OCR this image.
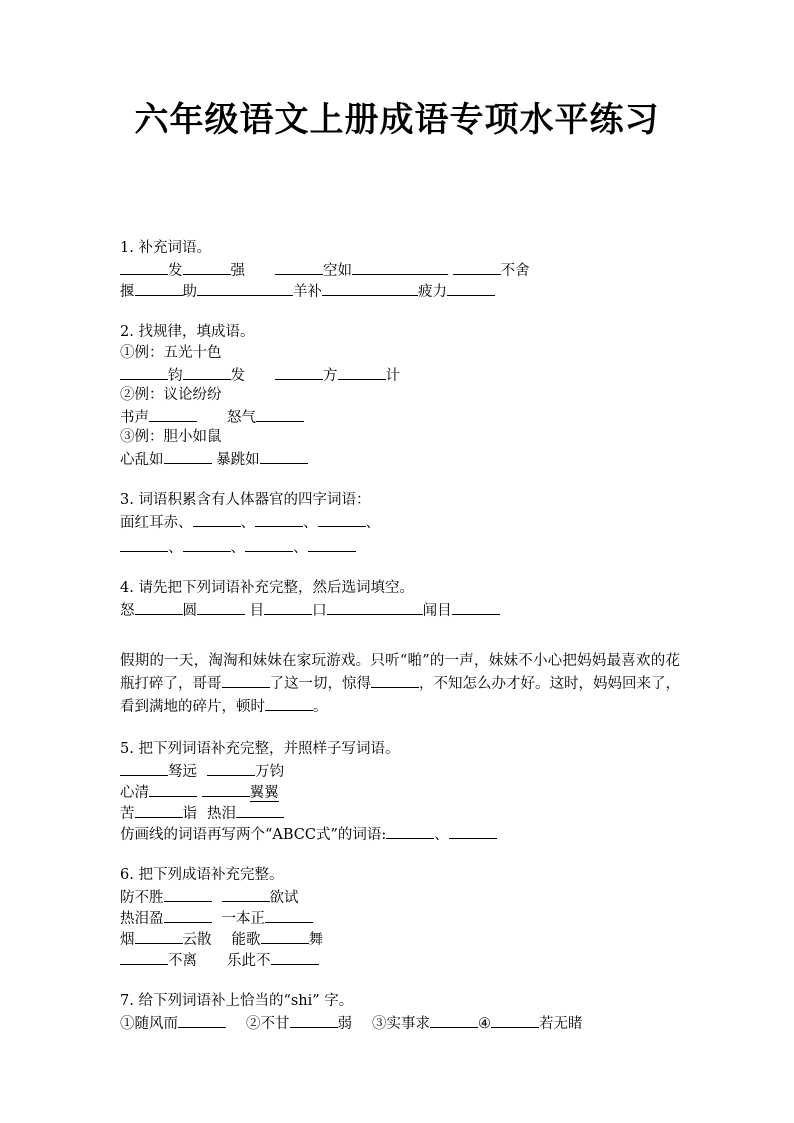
六年级语文上册成语专项水平练习
1. 补充词语。
发	强	空如	不舍
揠	助	羊补	疲力
2. 找规律，填成语。
①例：五光十色
钧	发	方	计
②例：议论纷纷
书声	怒气
③例：胆小如鼠
心乱如	暴跳如
3. 词语积累含有人体器官的四字词语：
面红耳赤、	、	、	、
、	、	、
4. 请先把下列词语补充完整，然后选词填空。
怒	圆	目	口	闻目
假期的一天，淘淘和妹妹在家玩游戏。只听“啪”的一声，妹妹不小心把妈妈最喜欢的花瓶打碎了，哥哥	了这一切，惊得	，不知怎么办才好。这时，妈妈回来了，看到满地的碎片，顿时	。
5. 把下列词语补充完整，并照样子写词语。
驽远	万钧
心清	翼翼
苦	诣 热泪
仿画线的词语再写两个“ABCC式”的词语:	、
6. 把下列成语补充完整。
防不胜	欲试
热泪盈	一本正
烟	云散 能歌	舞
不离 乐此不
7. 给下列词语补上恰当的“shi” 字。
①随风而	②不甘	弱 ③实事求	④	若无睹
